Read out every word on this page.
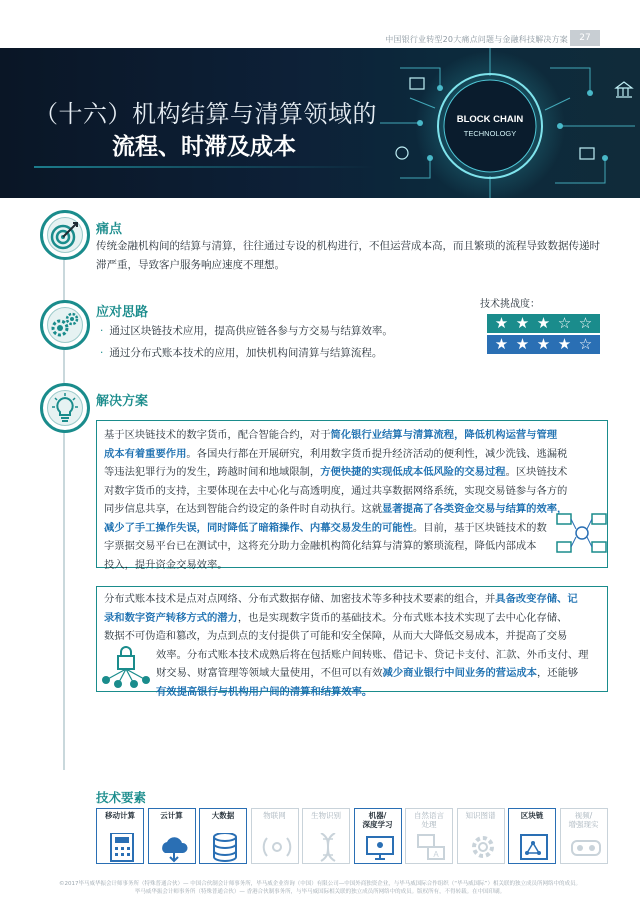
中国银行业转型20大痛点问题与金融科技解决方案	27
（十六）机构结算与清算领域的
流程、时滞及成本
BLOCK CHAIN
TECHNOLOGY
痛点
传统金融机构间的结算与清算，往往通过专设的机构进行，不但运营成本高，而且繁琐的流程导致数据传递时
滞严重，导致客户服务响应速度不理想。
应对思路
· 通过区块链技术应用，提高供应链各参与方交易与结算效率。
· 通过分布式账本技术的应用，加快机构间清算与结算流程。
技术挑战度：
★ ★ ★ ☆ ☆
★ ★ ★ ★ ☆
解决方案
基于区块链技术的数字货币，配合智能合约，对于简化银行业结算与清算流程，降低机构运营与管理
成本有着重要作用。各国央行都在开展研究，利用数字货币提升经济活动的便利性，减少洗钱、逃漏税
等违法犯罪行为的发生，跨越时间和地域限制，方便快捷的实现低成本低风险的交易过程。区块链技术
对数字货币的支持，主要体现在去中心化与高透明度，通过共享数据网络系统，实现交易链参与各方的
同步信息共享，在达到智能合约设定的条件时自动执行。这就显著提高了各类资金交易与结算的效率，
减少了手工操作失误，同时降低了暗箱操作、内幕交易发生的可能性。目前，基于区块链技术的数
字票据交易平台已在测试中，这将充分助力金融机构简化结算与清算的繁琐流程，降低内部成本
投入，提升资金交易效率。
分布式账本技术是点对点网络、分布式数据存储、加密技术等多种技术要素的组合，并具备改变存储、记
录和数字资产转移方式的潜力，也是实现数字货币的基础技术。分布式账本技术实现了去中心化存储、
数据不可伪造和篡改，为点到点的支付提供了可能和安全保障，从而大大降低交易成本，并提高了交易
效率。分布式账本技术成熟后将在包括账户间转账、借记卡、贷记卡支付、汇款、外币支付、理
财交易、财富管理等领域大量使用，不但可以有效减少商业银行中间业务的营运成本，还能够
有效提高银行与机构用户间的清算和结算效率。
技术要素
移动计算	云计算	大数据	物联网	生物识别	机器/
深度学习
自然语言
处理
A
知识图谱	区块链	视频/
增强现实
©2017毕马威华振会计师事务所（特殊普通合伙）— 中国合伙制会计师事务所，毕马威企业咨询（中国）有限公司—中国外商独资企业，与毕马威国际合作组织（“毕马威国际”）相关联的独立成员所网络中的成员。
毕马威华振会计师事务所（特殊普通合伙）— 香港合伙制事务所，与毕马威国际相关联的独立成员所网络中的成员。版权所有，不得转载。在中国印刷。
